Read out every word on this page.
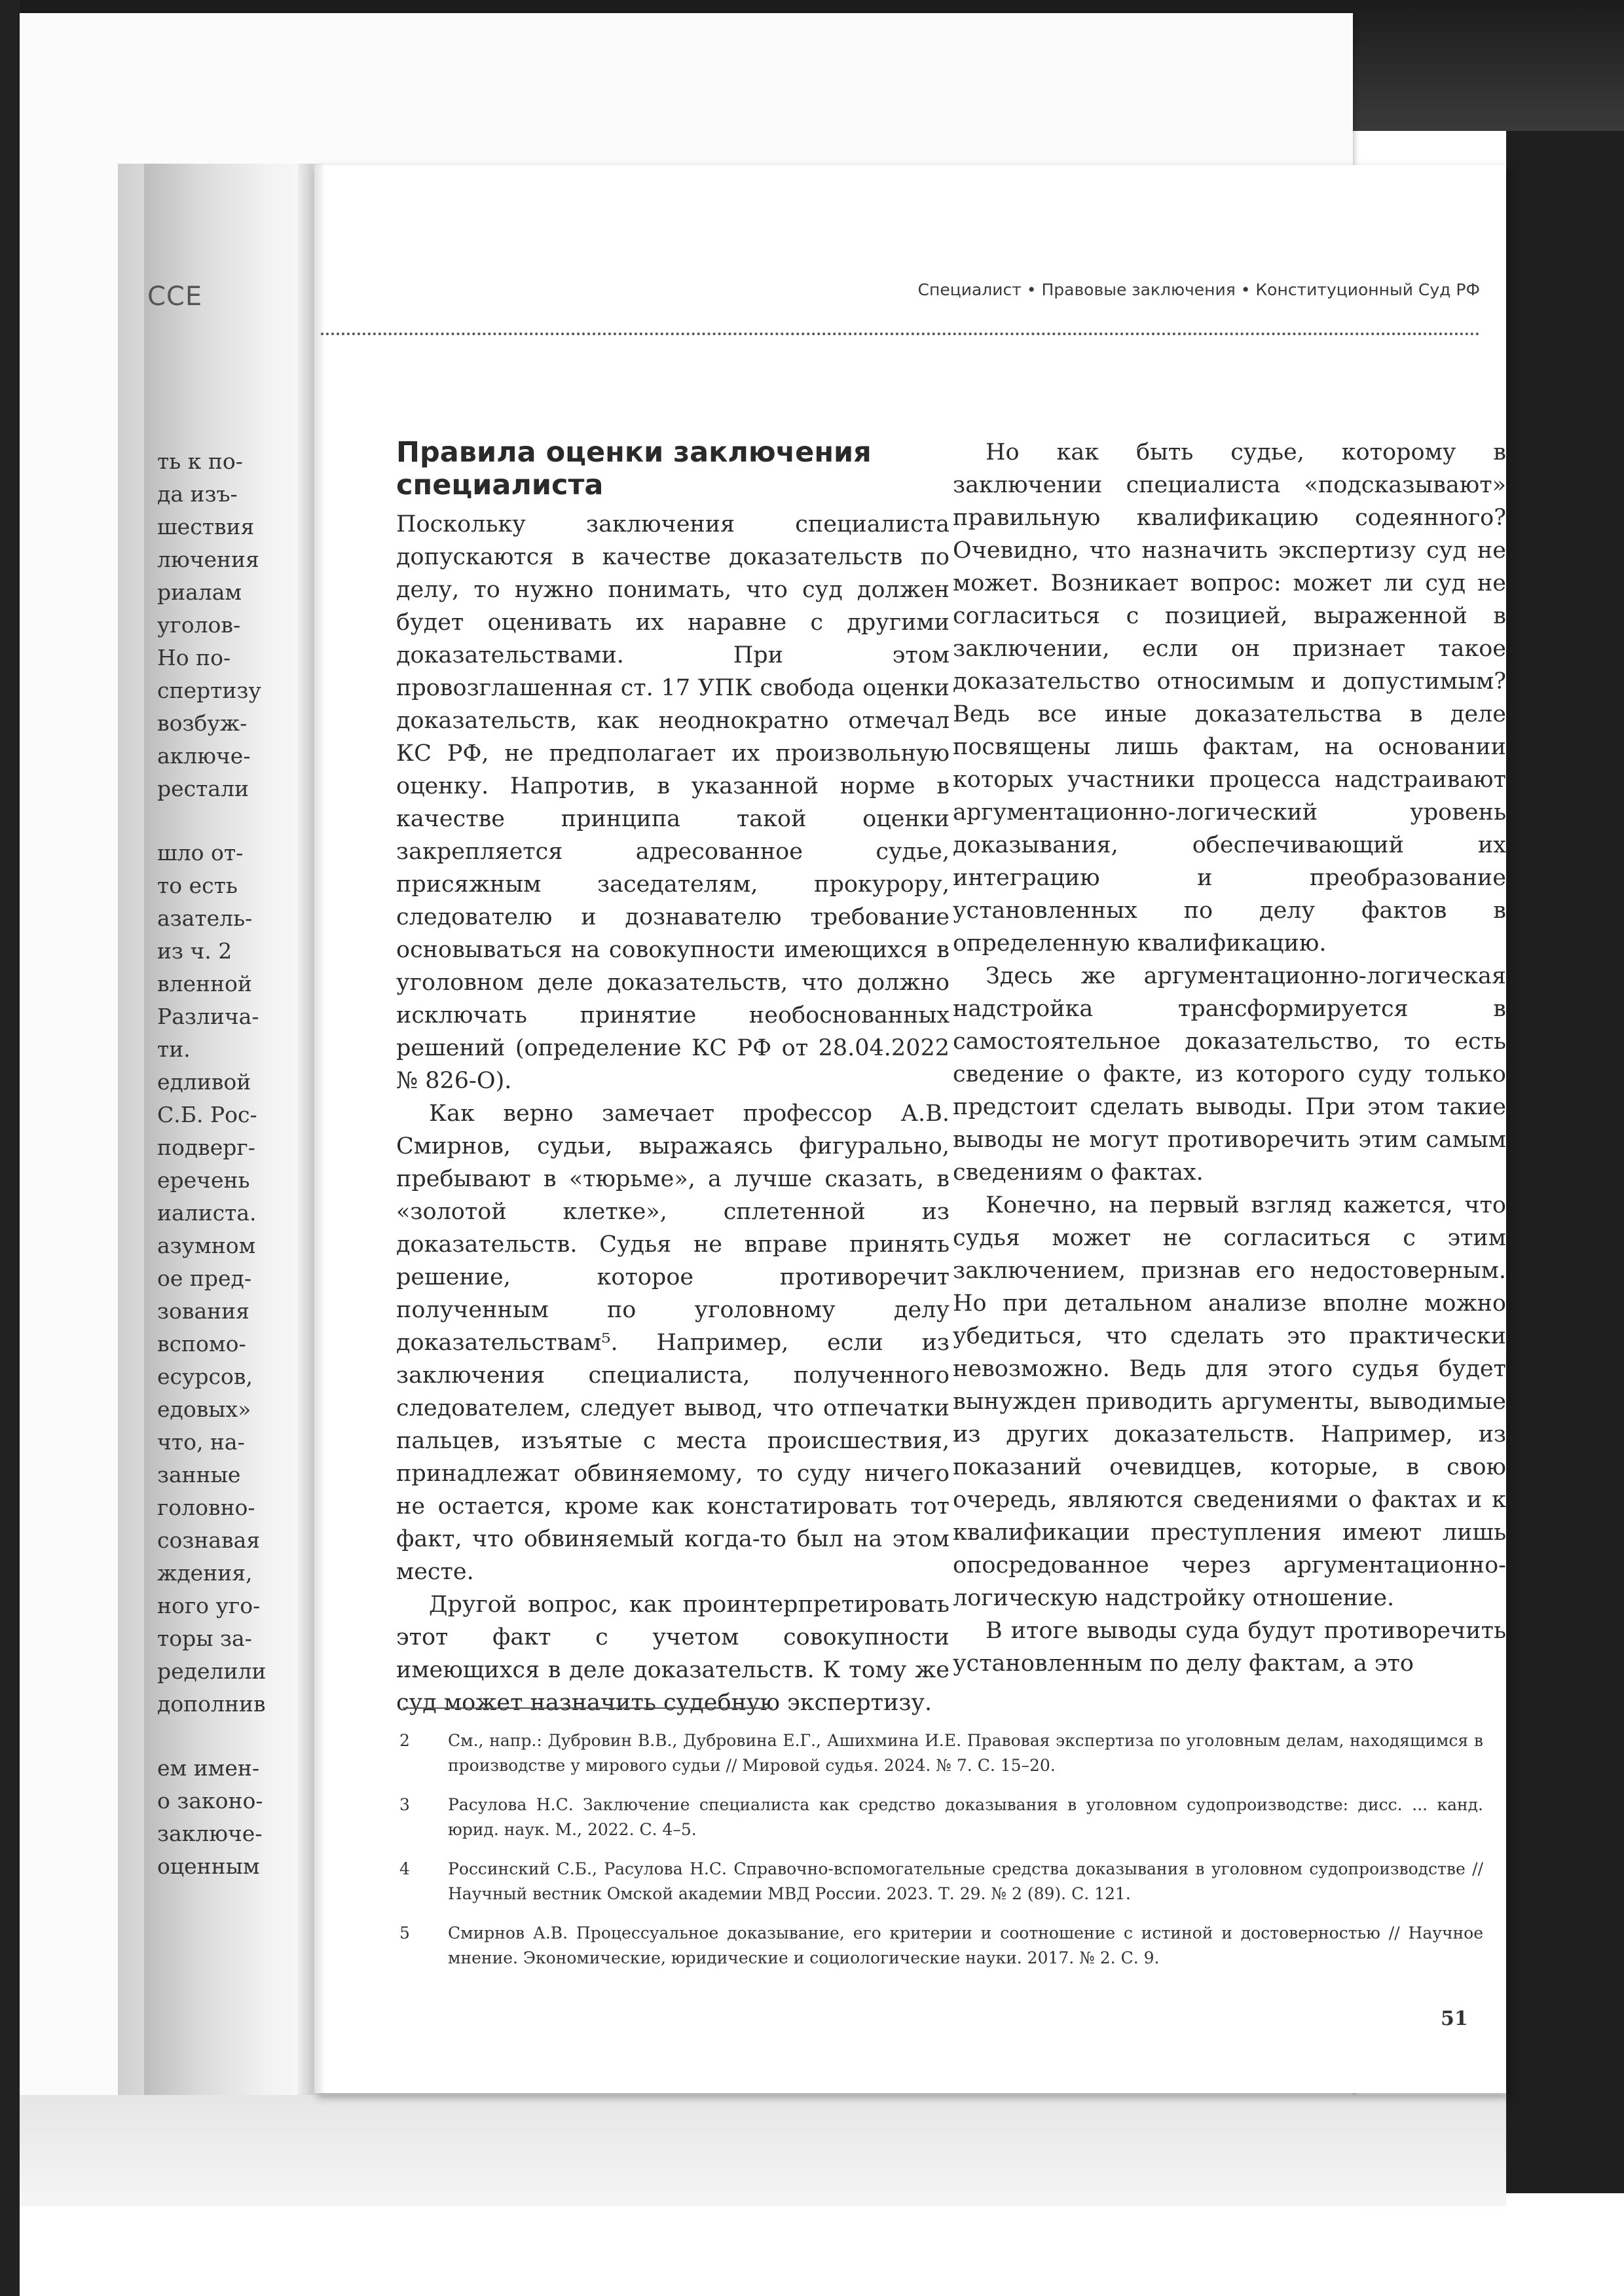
ССЕ
ть к по-
да изъ-
шествия
лючения
риалам
уголов-
Но по-
спертизу
возбуж-
аключе-
рестали
шло от-
то есть
азатель-
из ч. 2
вленной
Различа-
ти.
едливой
С.Б. Рос-
подверг-
еречень
иалиста.
азумном
ое пред-
зования
вспомо-
есурсов,
едовых»
что, на-
занные
головно-
сознавая
ждения,
ного уго-
торы за-
ределили
дополнив
ем имен-
о законо-
заключе-
оценным
Специалист • Правовые заключения • Конституционный Суд РФ
Правила оценки заключения специалиста

Поскольку заключения специалиста допускаются в качестве доказательств по делу, то нужно понимать, что суд должен будет оценивать их наравне с другими доказательствами. При этом провозглашенная ст. 17 УПК свобода оценки доказательств, как неоднократно отмечал КС РФ, не предполагает их произвольную оценку. Напротив, в указанной норме в качестве принципа такой оценки закрепляется адресованное судье, присяжным заседателям, прокурору, следователю и дознавателю требование основываться на совокупности имеющихся в уголовном деле доказательств, что должно исключать принятие необоснованных решений (определение КС РФ от 28.04.2022 № 826-О).

Как верно замечает профессор А.В. Смирнов, судьи, выражаясь фигурально, пребывают в «тюрьме», а лучше сказать, в «золотой клетке», сплетенной из доказательств. Судья не вправе принять решение, которое противоречит полученным по уголовному делу доказательствам⁵. Например, если из заключения специалиста, полученного следователем, следует вывод, что отпечатки пальцев, изъятые с места происшествия, принадлежат обвиняемому, то суду ничего не остается, кроме как констатировать тот факт, что обвиняемый когда-то был на этом месте.

Другой вопрос, как проинтерпретировать этот факт с учетом совокупности имеющихся в деле доказательств. К тому же суд может назначить судебную экспертизу.

Но как быть судье, которому в заключении специалиста «подсказывают» правильную квалификацию содеянного? Очевидно, что назначить экспертизу суд не может. Возникает вопрос: может ли суд не согласиться с позицией, выраженной в заключении, если он признает такое доказательство относимым и допустимым? Ведь все иные доказательства в деле посвящены лишь фактам, на основании которых участники процесса надстраивают аргументационно-логический уровень доказывания, обеспечивающий их интеграцию и преобразование установленных по делу фактов в определенную квалификацию.

Здесь же аргументационно-логическая надстройка трансформируется в самостоятельное доказательство, то есть сведение о факте, из которого суду только предстоит сделать выводы. При этом такие выводы не могут противоречить этим самым сведениям о фактах.

Конечно, на первый взгляд кажется, что судья может не согласиться с этим заключением, признав его недостоверным. Но при детальном анализе вполне можно убедиться, что сделать это практически невозможно. Ведь для этого судья будет вынужден приводить аргументы, выводимые из других доказательств. Например, из показаний очевидцев, которые, в свою очередь, являются сведениями о фактах и к квалификации преступления имеют лишь опосредованное через аргументационно-логическую надстройку отношение.

В итоге выводы суда будут противоречить установленным по делу фактам, а это

2 См., напр.: Дубровин В.В., Дубровина Е.Г., Ашихмина И.Е. Правовая экспертиза по уголовным делам, находящимся в производстве у мирового судьи // Мировой судья. 2024. № 7. С. 15–20.
3 Расулова Н.С. Заключение специалиста как средство доказывания в уголовном судопроизводстве: дисс. ... канд. юрид. наук. М., 2022. С. 4–5.
4 Россинский С.Б., Расулова Н.С. Справочно-вспомогательные средства доказывания в уголовном судопроизводстве // Научный вестник Омской академии МВД России. 2023. Т. 29. № 2 (89). С. 121.
5 Смирнов А.В. Процессуальное доказывание, его критерии и соотношение с истиной и достоверностью // Научное мнение. Экономические, юридические и социологические науки. 2017. № 2. С. 9.
51
